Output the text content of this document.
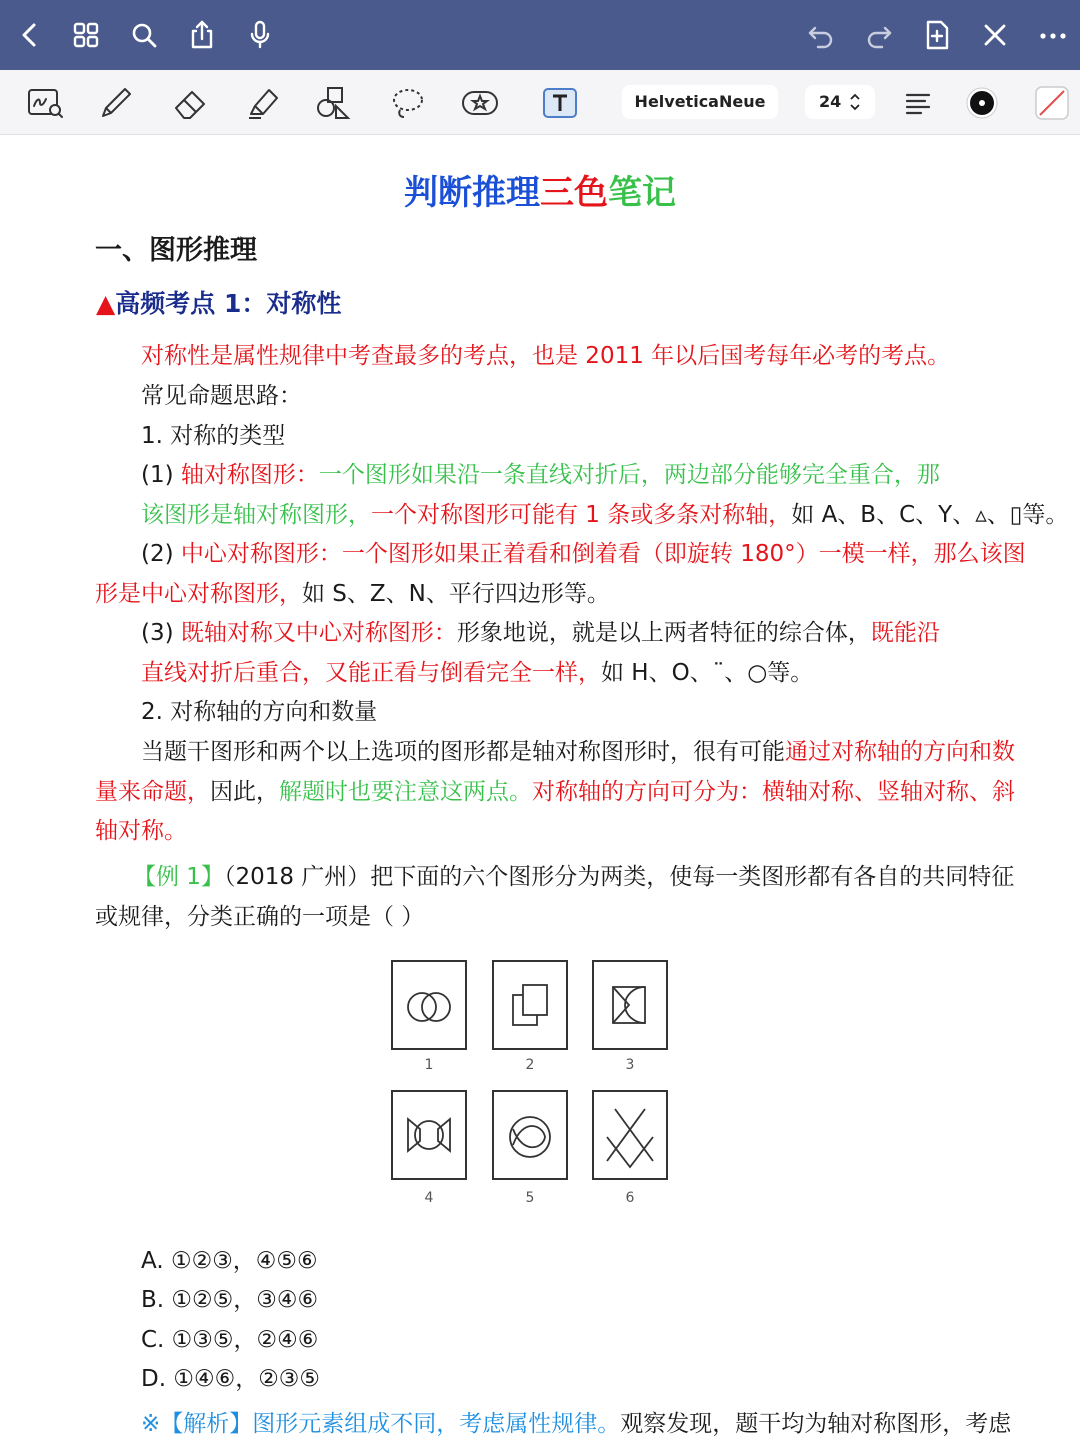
HelveticaNeue	24
判断推理三色笔记
一、图形推理
▲高频考点 1：对称性
对称性是属性规律中考查最多的考点，也是 2011 年以后国考每年必考的考点。
常见命题思路：
1. 对称的类型
(1) 轴对称图形：一个图形如果沿一条直线对折后，两边部分能够完全重合，那
该图形是轴对称图形，一个对称图形可能有 1 条或多条对称轴，如 A、B、C、Y、▵、▯等。
(2) 中心对称图形：一个图形如果正着看和倒着看（即旋转 180°）一模一样，那么该图
形是中心对称图形，如 S、Z、N、平行四边形等。
(3) 既轴对称又中心对称图形：形象地说，就是以上两者特征的综合体，既能沿
直线对折后重合，又能正看与倒看完全一样，如 H、O、¨、○等。
2. 对称轴的方向和数量
当题干图形和两个以上选项的图形都是轴对称图形时，很有可能通过对称轴的方向和数
量来命题，因此，解题时也要注意这两点。对称轴的方向可分为：横轴对称、竖轴对称、斜
轴对称。
【例 1】（2018 广州）把下面的六个图形分为两类，使每一类图形都有各自的共同特征
或规律，分类正确的一项是（ ）
1	2	3
4	5	6
A. ①②③，④⑤⑥
B. ①②⑤，③④⑥
C. ①③⑤，②④⑥
D. ①④⑥，②③⑤
※【解析】图形元素组成不同，考虑属性规律。观察发现，题干均为轴对称图形，考虑
